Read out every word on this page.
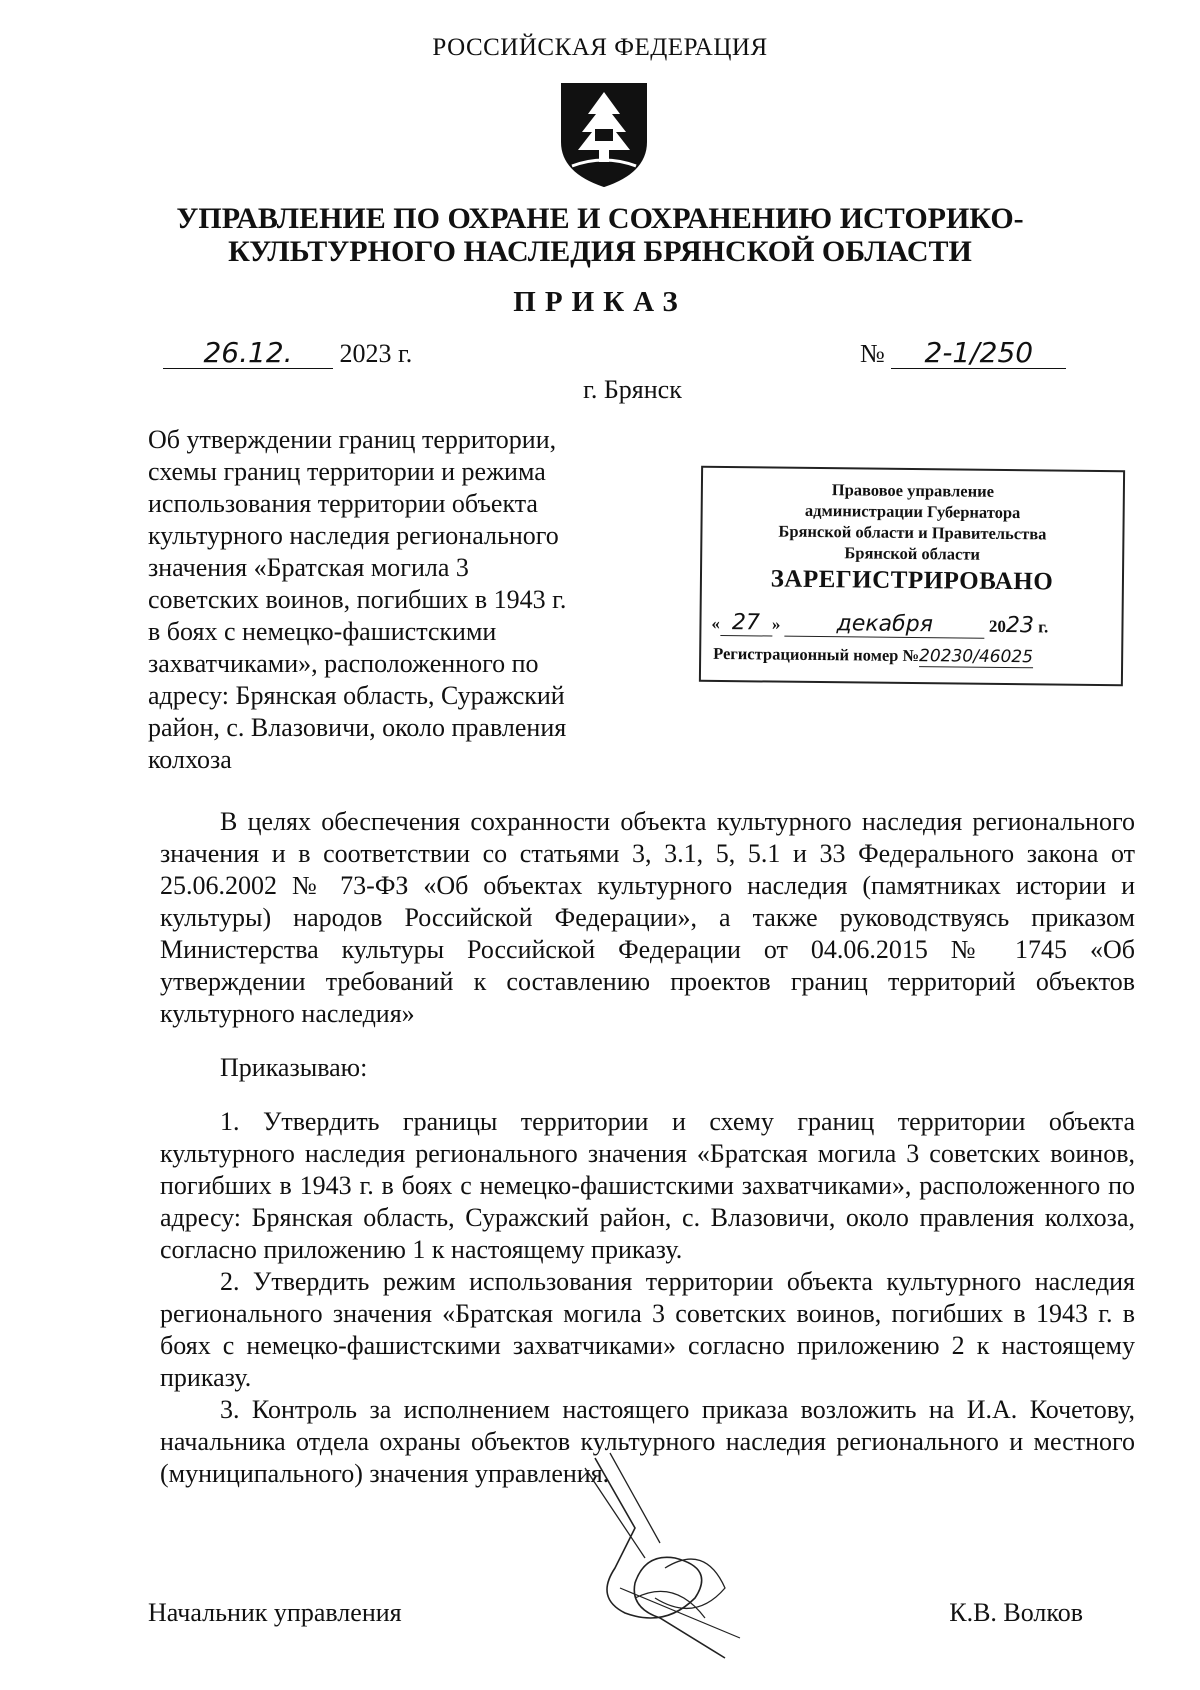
РОССИЙСКАЯ ФЕДЕРАЦИЯ
УПРАВЛЕНИЕ ПО ОХРАНЕ И СОХРАНЕНИЮ ИСТОРИКО-
КУЛЬТУРНОГО НАСЛЕДИЯ БРЯНСКОЙ ОБЛАСТИ
ПРИКАЗ
26.12. 2023 г.	№ 2-1/250
г. Брянск
Об утверждении границ территории,
схемы границ территории и режима
использования территории объекта
культурного наследия регионального
значения «Братская могила 3
советских воинов, погибших в 1943 г.
в боях с немецко-фашистскими
захватчиками», расположенного по
адресу: Брянская область, Суражский
район, с. Влазовичи, около правления
колхоза
Правовое управление
администрации Губернатора
Брянской области и Правительства
Брянской области
ЗАРЕГИСТРИРОВАНО
« 27 » декабря	2023 г.
Регистрационный номер №20230/46025

В целях обеспечения сохранности объекта культурного наследия регионального значения и в соответствии со статьями 3, 3.1, 5, 5.1 и 33 Федерального закона от 25.06.2002 № 73-ФЗ «Об объектах культурного наследия (памятниках истории и культуры) народов Российской Федерации», а также руководствуясь приказом Министерства культуры Российской Федерации от 04.06.2015 № 1745 «Об утверждении требований к составлению проектов границ территорий объектов культурного наследия»

Приказываю:

1. Утвердить границы территории и схему границ территории объекта культурного наследия регионального значения «Братская могила 3 советских воинов, погибших в 1943 г. в боях с немецко-фашистскими захватчиками», расположенного по адресу: Брянская область, Суражский район, с. Влазовичи, около правления колхоза, согласно приложению 1 к настоящему приказу.

2. Утвердить режим использования территории объекта культурного наследия регионального значения «Братская могила 3 советских воинов, погибших в 1943 г. в боях с немецко-фашистскими захватчиками» согласно приложению 2 к настоящему приказу.

3. Контроль за исполнением настоящего приказа возложить на И.А. Кочетову, начальника отдела охраны объектов культурного наследия регионального и местного (муниципального) значения управления.

Начальник управления	К.В. Волков
